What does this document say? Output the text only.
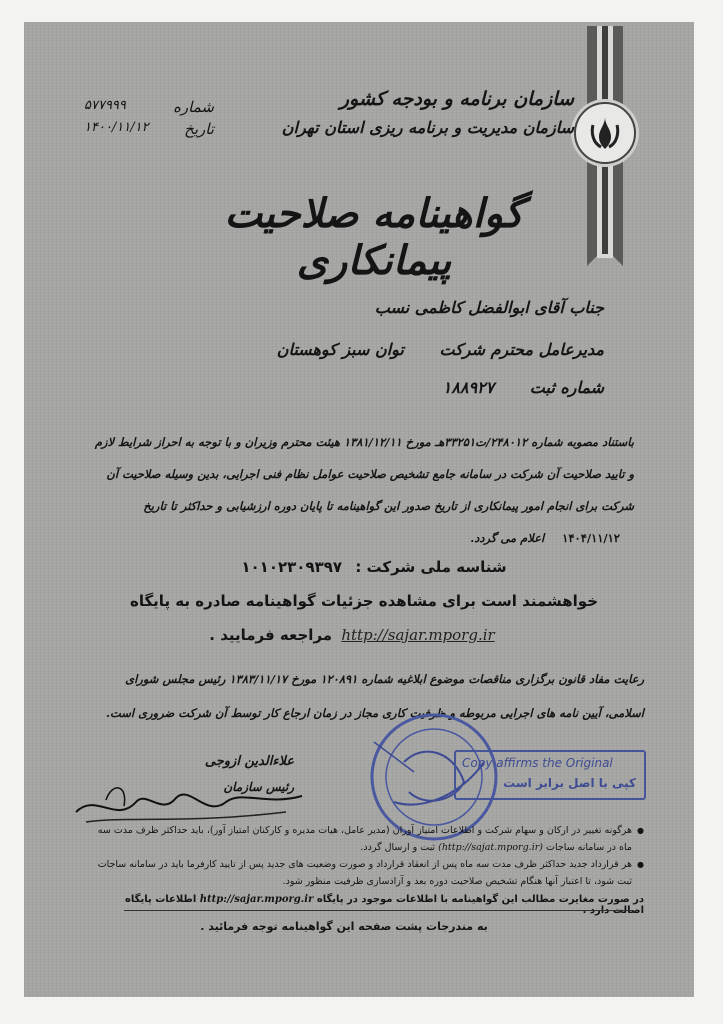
سازمان برنامه و بودجه کشور
سازمان مدیریت و برنامه ریزی استان تهران
شماره
۵۷۷۹۹۹
تاریخ
۱۴۰۰/۱۱/۱۲
گواهینامه صلاحیت پیمانکاری
جناب آقای ابوالفضل کاظمی نسب
مدیرعامل محترم شرکت توان سبز کوهستان
شماره ثبت ۱۸۸۹۲۷
باستناد مصوبه شماره ۲۴۸۰۱۲/ت۳۳۲۵۱هـ مورخ ۱۳۸۱/۱۲/۱۱ هیئت محترم وزیران و با توجه به احراز شرایط لازم و تایید صلاحیت آن شرکت در سامانه جامع تشخیص صلاحیت عوامل نظام فنی اجرایی، بدین وسیله صلاحیت آن شرکت برای انجام امور پیمانکاری از تاریخ صدور این گواهینامه تا پایان دوره ارزشیابی و حداکثر تا تاریخ ۱۴۰۴/۱۱/۱۲ اعلام می گردد.
شناسه ملی شرکت : ۱۰۱۰۲۳۰۹۳۹۷
خواهشمند است برای مشاهده جزئیات گواهینامه صادره به پایگاه
http://sajar.mporg.ir مراجعه فرمایید .
رعایت مفاد قانون برگزاری مناقصات موضوع ابلاغیه شماره ۱۲۰۸۹۱ مورخ ۱۳۸۳/۱۱/۱۷ رئیس مجلس شورای اسلامی، آیین نامه های اجرایی مربوطه و ظرفیت کاری مجاز در زمان ارجاع کار توسط آن شرکت ضروری است.
علاءالدین ازوجی
رئیس سازمان
Copy affirms the Original
کپی با اصل برابر است
● هرگونه تغییر در ارکان و سهام شرکت و اطلاعات امتیاز آوران (مدیر عامل، هیات مدیره و کارکنان امتیاز آور)، باید حداکثر ظرف مدت سه ماه در سامانه ساجات (http://sajat.mporg.ir) ثبت و ارسال گردد.
● هر قرارداد جدید حداکثر ظرف مدت سه ماه پس از انعقاد قرارداد و صورت وضعیت های جدید پس از تایید کارفرما باید در سامانه ساجات ثبت شود، تا اعتبار آنها هنگام تشخیص صلاحیت دوره بعد و آزادسازی ظرفیت منظور شود.
در صورت مغایرت مطالب این گواهینامه با اطلاعات موجود در پایگاه http://sajar.mporg.ir اطلاعات پایگاه اصالت دارد .
به مندرجات پشت صفحه این گواهینامه توجه فرمائید .
